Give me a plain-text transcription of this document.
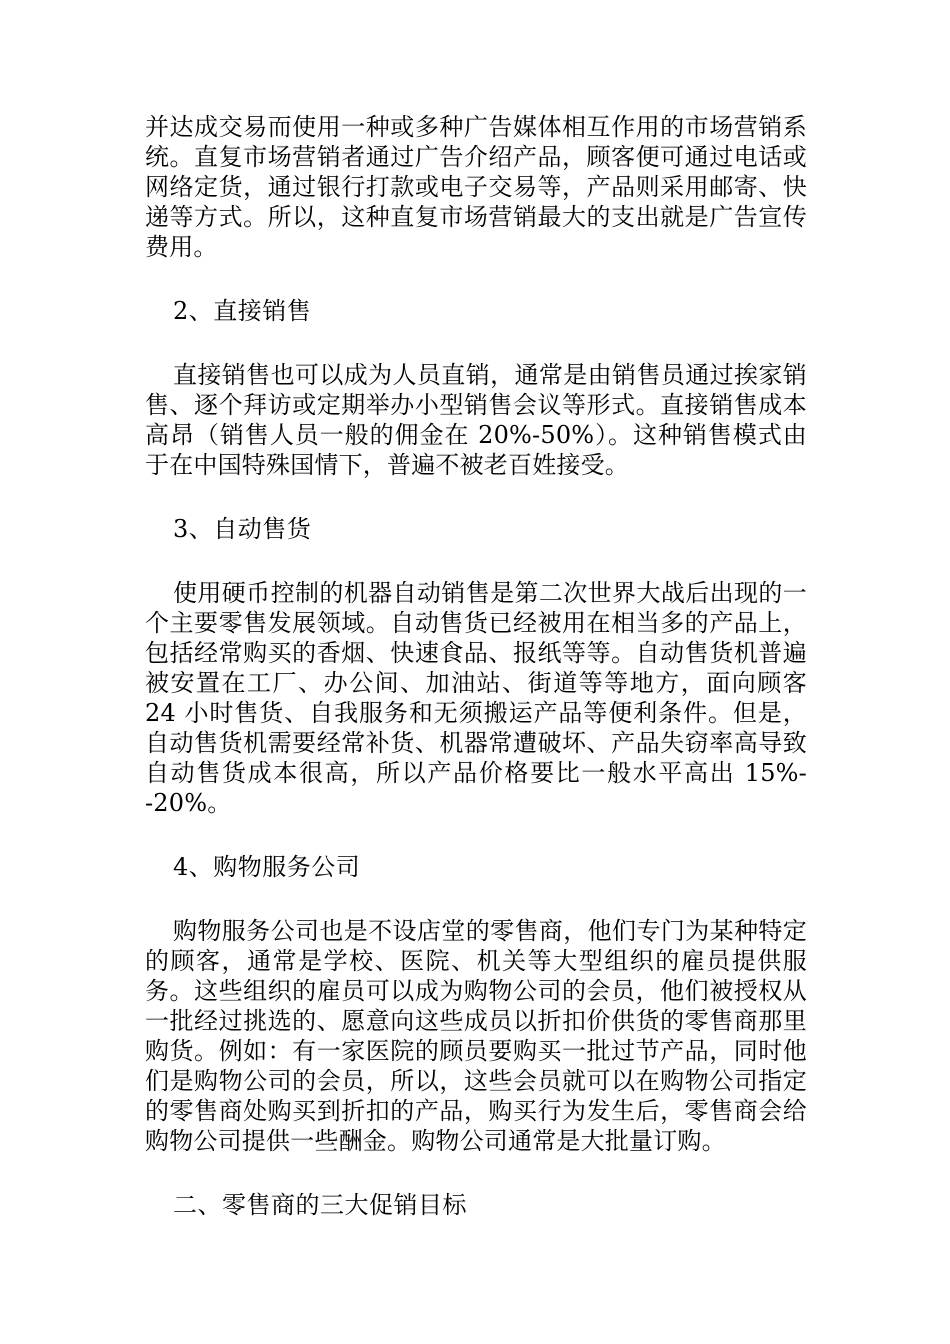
并达成交易而使用一种或多种广告媒体相互作用的市场营销系统。直复市场营销者通过广告介绍产品，顾客便可通过电话或网络定货，通过银行打款或电子交易等，产品则采用邮寄、快递等方式。所以，这种直复市场营销最大的支出就是广告宣传费用。

2、直接销售

直接销售也可以成为人员直销，通常是由销售员通过挨家销售、逐个拜访或定期举办小型销售会议等形式。直接销售成本高昂（销售人员一般的佣金在 20%-50%）。这种销售模式由于在中国特殊国情下，普遍不被老百姓接受。

3、自动售货

使用硬币控制的机器自动销售是第二次世界大战后出现的一个主要零售发展领域。自动售货已经被用在相当多的产品上，包括经常购买的香烟、快速食品、报纸等等。自动售货机普遍被安置在工厂、办公间、加油站、街道等等地方，面向顾客 24 小时售货、自我服务和无须搬运产品等便利条件。但是，自动售货机需要经常补货、机器常遭破坏、产品失窃率高导致自动售货成本很高，所以产品价格要比一般水平高出 15%--20%。

4、购物服务公司

购物服务公司也是不设店堂的零售商，他们专门为某种特定的顾客，通常是学校、医院、机关等大型组织的雇员提供服务。这些组织的雇员可以成为购物公司的会员，他们被授权从一批经过挑选的、愿意向这些成员以折扣价供货的零售商那里购货。例如：有一家医院的顾员要购买一批过节产品，同时他们是购物公司的会员，所以，这些会员就可以在购物公司指定的零售商处购买到折扣的产品，购买行为发生后，零售商会给购物公司提供一些酬金。购物公司通常是大批量订购。

二、零售商的三大促销目标
